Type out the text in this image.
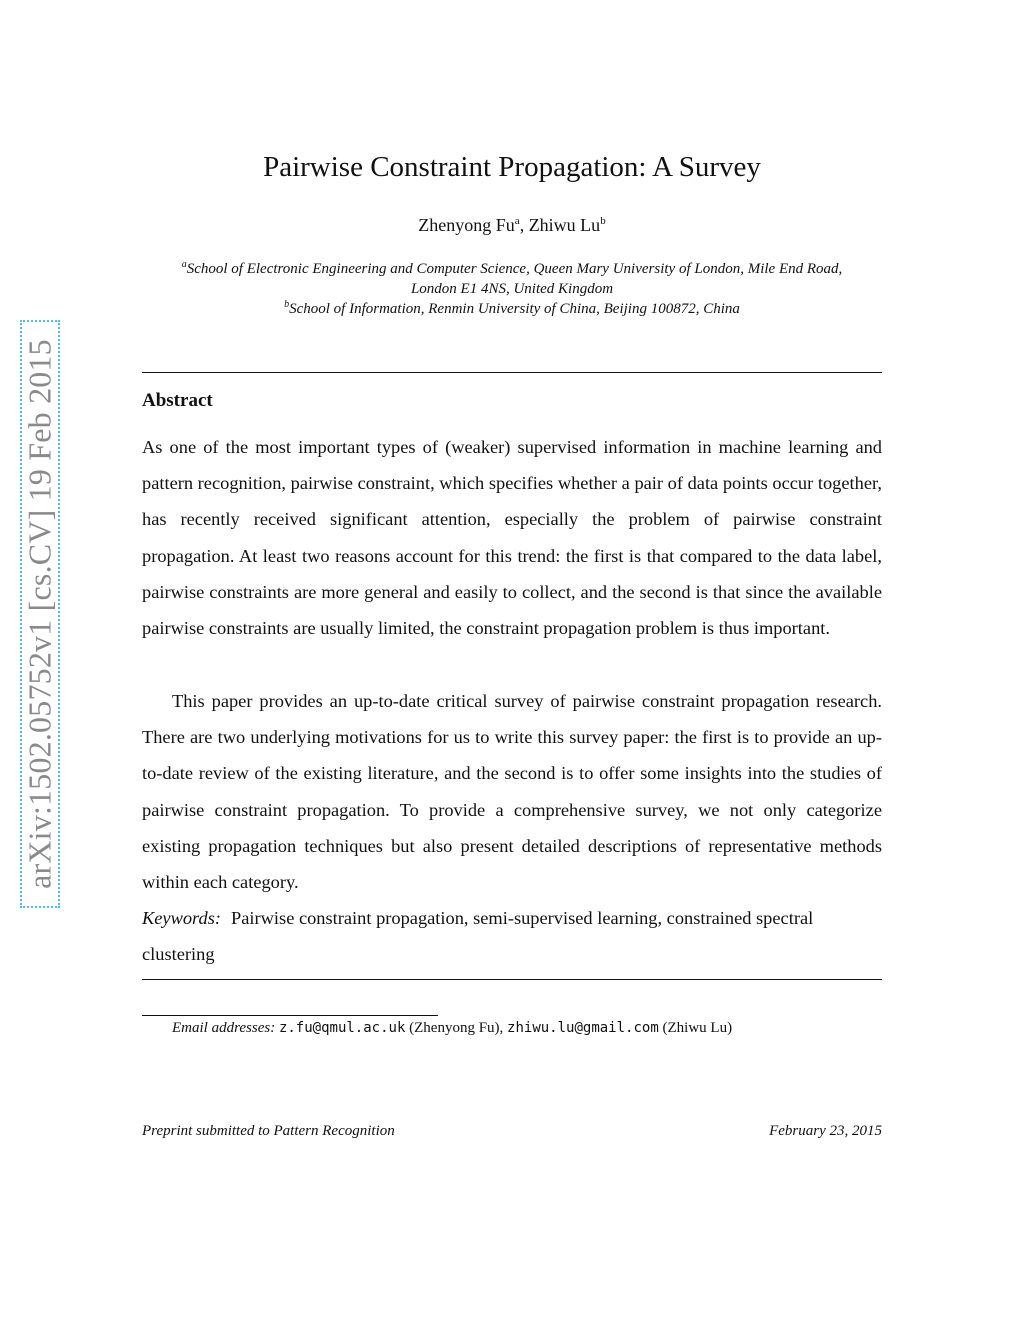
arXiv:1502.05752v1 [cs.CV] 19 Feb 2015
Pairwise Constraint Propagation: A Survey
Zhenyong Fu$^a$, Zhiwu Lu$^b$
$^a$School of Electronic Engineering and Computer Science, Queen Mary University of London, Mile End Road,
London E1 4NS, United Kingdom
$^b$School of Information, Renmin University of China, Beijing 100872, China
Abstract

As one of the most important types of (weaker) supervised information in machine learning and pattern recognition, pairwise constraint, which specifies whether a pair of data points occur together, has recently received significant attention, especially the problem of pairwise constraint propagation. At least two reasons account for this trend: the first is that compared to the data label, pairwise constraints are more general and easily to collect, and the second is that since the available pairwise constraints are usually limited, the constraint propagation problem is thus important.

This paper provides an up-to-date critical survey of pairwise constraint propagation research. There are two underlying motivations for us to write this survey paper: the first is to provide an up-to-date review of the existing literature, and the second is to offer some insights into the studies of pairwise constraint propagation. To provide a comprehensive survey, we not only categorize existing propagation techniques but also present detailed descriptions of representative methods within each category.

Keywords: Pairwise constraint propagation, semi-supervised learning, constrained spectral clustering

Email addresses: z.fu@qmul.ac.uk (Zhenyong Fu), zhiwu.lu@gmail.com (Zhiwu Lu)
Preprint submitted to Pattern Recognition	February 23, 2015
